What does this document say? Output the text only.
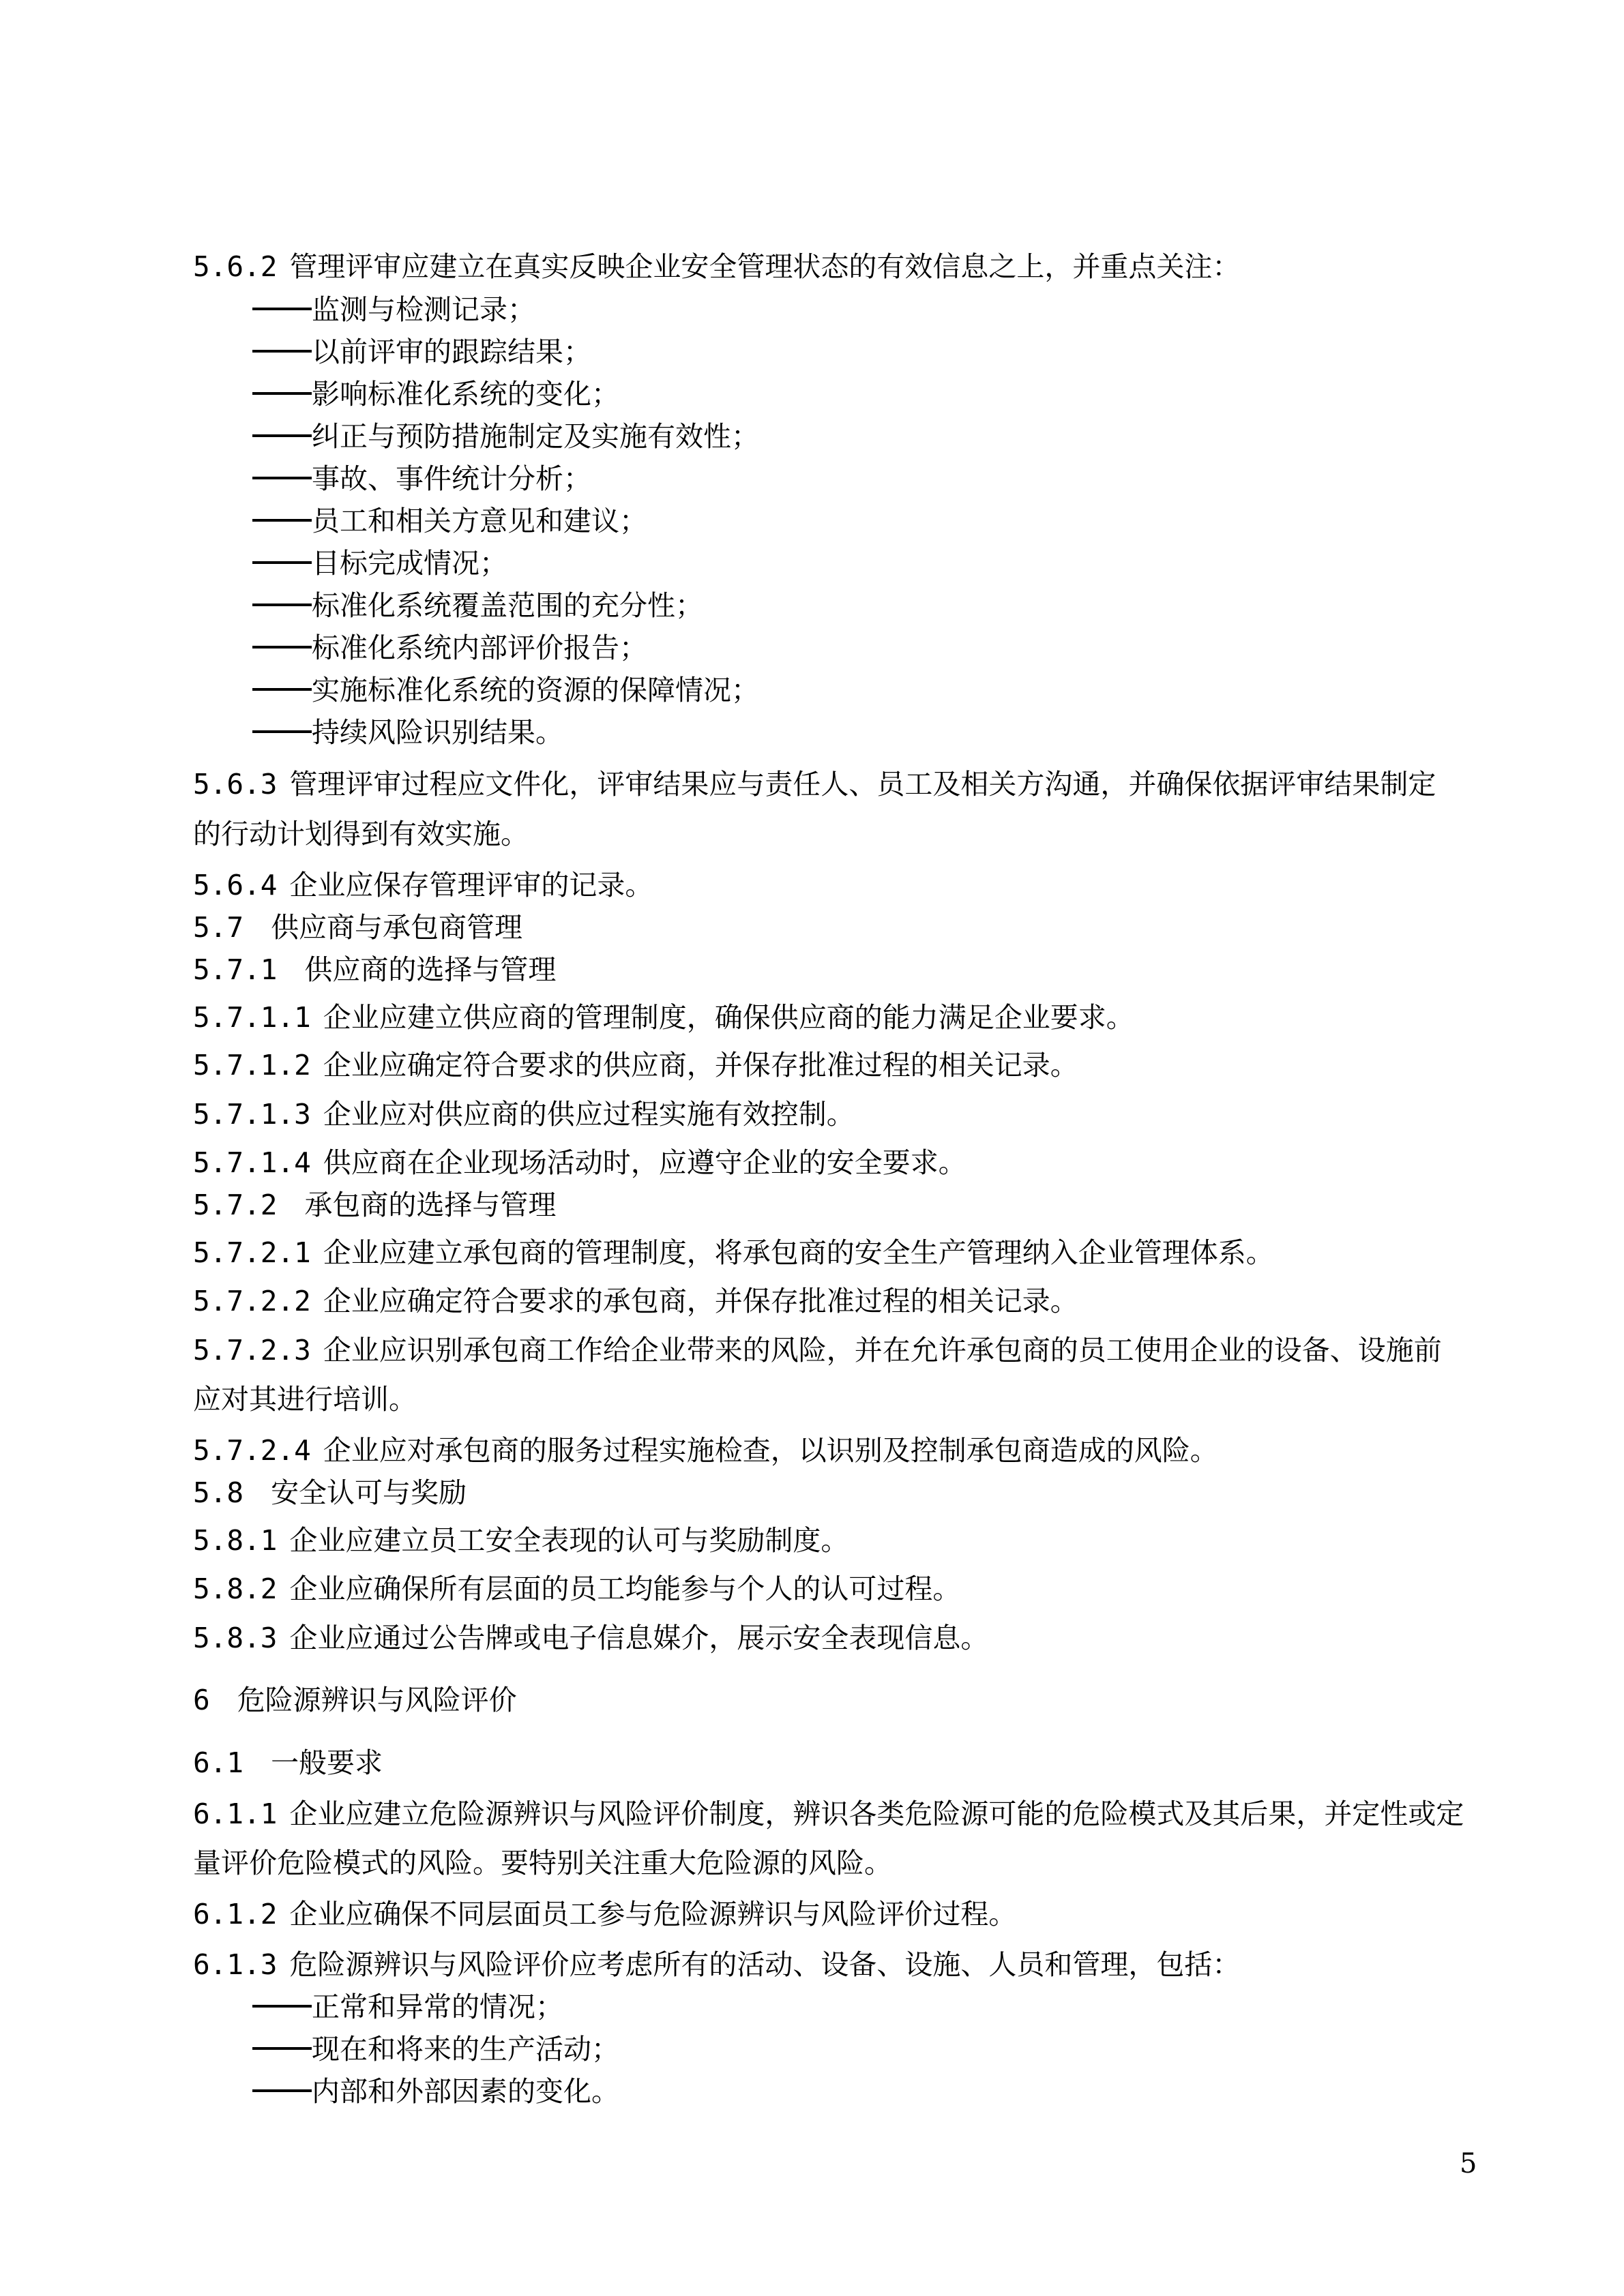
5.6.2 管理评审应建立在真实反映企业安全管理状态的有效信息之上，并重点关注：
监测与检测记录；
以前评审的跟踪结果；
影响标准化系统的变化；
纠正与预防措施制定及实施有效性；
事故、事件统计分析；
员工和相关方意见和建议；
目标完成情况；
标准化系统覆盖范围的充分性；
标准化系统内部评价报告；
实施标准化系统的资源的保障情况；
持续风险识别结果。
5.6.3 管理评审过程应文件化，评审结果应与责任人、员工及相关方沟通，并确保依据评审结果制定
的行动计划得到有效实施。
5.6.4 企业应保存管理评审的记录。
5.7 供应商与承包商管理
5.7.1 供应商的选择与管理
5.7.1.1 企业应建立供应商的管理制度，确保供应商的能力满足企业要求。
5.7.1.2 企业应确定符合要求的供应商，并保存批准过程的相关记录。
5.7.1.3 企业应对供应商的供应过程实施有效控制。
5.7.1.4 供应商在企业现场活动时，应遵守企业的安全要求。
5.7.2 承包商的选择与管理
5.7.2.1 企业应建立承包商的管理制度，将承包商的安全生产管理纳入企业管理体系。
5.7.2.2 企业应确定符合要求的承包商，并保存批准过程的相关记录。
5.7.2.3 企业应识别承包商工作给企业带来的风险，并在允许承包商的员工使用企业的设备、设施前
应对其进行培训。
5.7.2.4 企业应对承包商的服务过程实施检查，以识别及控制承包商造成的风险。
5.8 安全认可与奖励
5.8.1 企业应建立员工安全表现的认可与奖励制度。
5.8.2 企业应确保所有层面的员工均能参与个人的认可过程。
5.8.3 企业应通过公告牌或电子信息媒介，展示安全表现信息。
6 危险源辨识与风险评价
6.1 一般要求
6.1.1 企业应建立危险源辨识与风险评价制度，辨识各类危险源可能的危险模式及其后果，并定性或定
量评价危险模式的风险。要特别关注重大危险源的风险。
6.1.2 企业应确保不同层面员工参与危险源辨识与风险评价过程。
6.1.3 危险源辨识与风险评价应考虑所有的活动、设备、设施、人员和管理，包括：
正常和异常的情况；
现在和将来的生产活动；
内部和外部因素的变化。
5
